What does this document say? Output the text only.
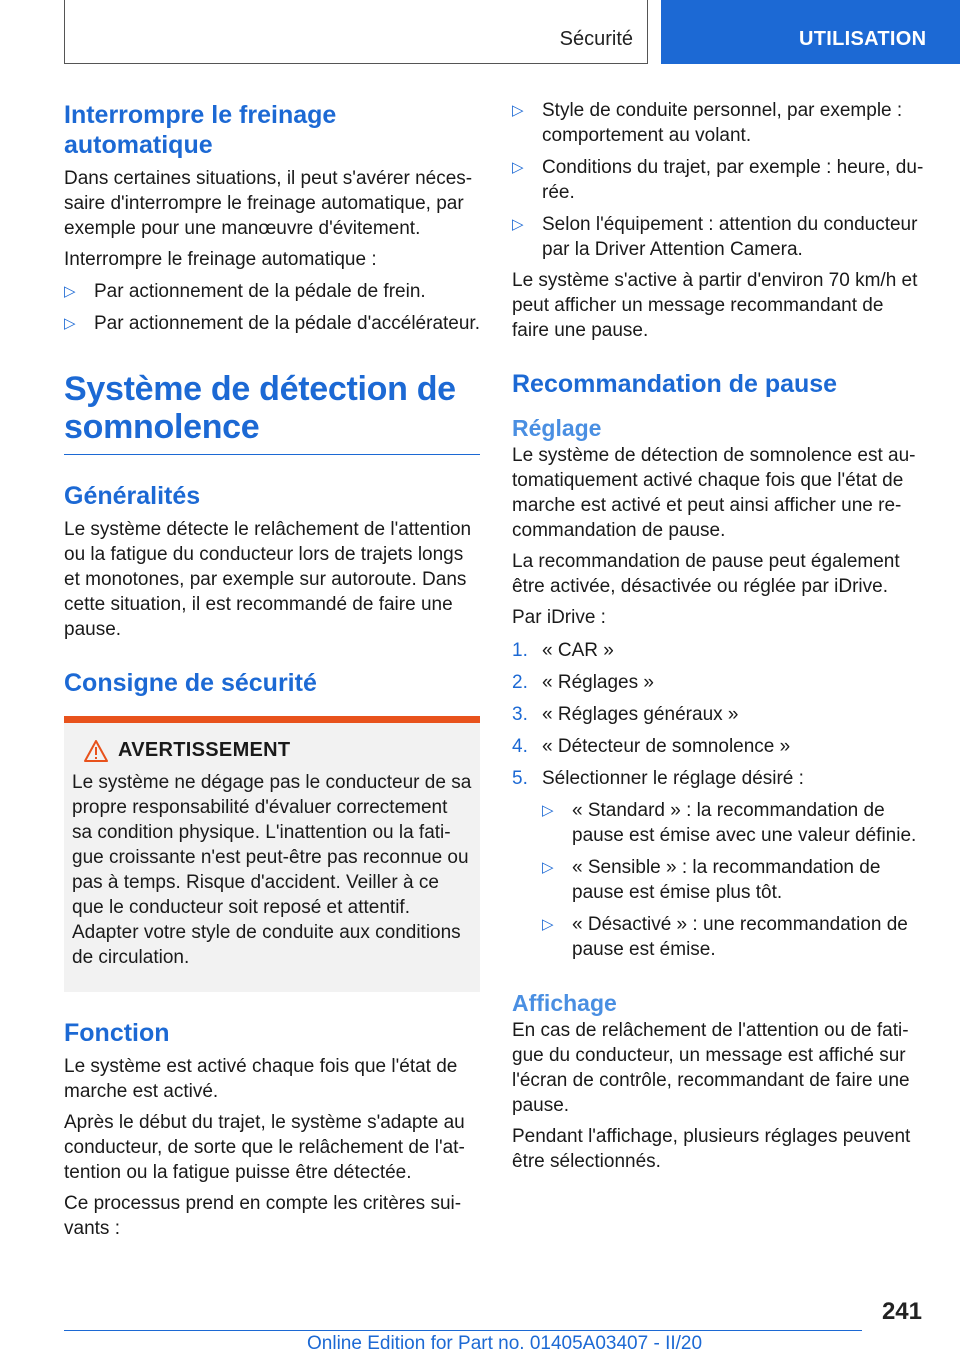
Sécurité	UTILISATION
Interrompre le freinage automatique

Dans certaines situations, il peut s'avérer nécessaire d'interrompre le freinage automatique, par exemple pour une manœuvre d'évitement.

Interrompre le freinage automatique :

▷ Par actionnement de la pédale de frein.
▷ Par actionnement de la pédale d'accélérateur.
Système de détection de somnolence
Généralités

Le système détecte le relâchement de l'attention ou la fatigue du conducteur lors de trajets longs et monotones, par exemple sur autoroute. Dans cette situation, il est recommandé de faire une pause.

Consigne de sécurité
AVERTISSEMENT

Le système ne dégage pas le conducteur de sa propre responsabilité d'évaluer correctement sa condition physique. L'inattention ou la fatigue croissante n'est peut-être pas reconnue ou pas à temps. Risque d'accident. Veiller à ce que le conducteur soit reposé et attentif. Adapter votre style de conduite aux conditions de circulation.

Fonction

Le système est activé chaque fois que l'état de marche est activé.

Après le début du trajet, le système s'adapte au conducteur, de sorte que le relâchement de l'attention ou la fatigue puisse être détectée.

Ce processus prend en compte les critères suivants :

▷ Style de conduite personnel, par exemple : comportement au volant.
▷ Conditions du trajet, par exemple : heure, durée.
▷ Selon l'équipement : attention du conducteur par la Driver Attention Camera.

Le système s'active à partir d'environ 70 km/h et peut afficher un message recommandant de faire une pause.

Recommandation de pause
Réglage

Le système de détection de somnolence est automatiquement activé chaque fois que l'état de marche est activé et peut ainsi afficher une recommandation de pause.

La recommandation de pause peut également être activée, désactivée ou réglée par iDrive.

Par iDrive :

1. « CAR »
2. « Réglages »
3. « Réglages généraux »
4. « Détecteur de somnolence »
5. Sélectionner le réglage désiré :
▷ « Standard » : la recommandation de pause est émise avec une valeur définie.
▷ « Sensible » : la recommandation de pause est émise plus tôt.
▷ « Désactivé » : une recommandation de pause est émise.
Affichage

En cas de relâchement de l'attention ou de fatigue du conducteur, un message est affiché sur l'écran de contrôle, recommandant de faire une pause.

Pendant l'affichage, plusieurs réglages peuvent être sélectionnés.

241
Online Edition for Part no. 01405A03407 - II/20
